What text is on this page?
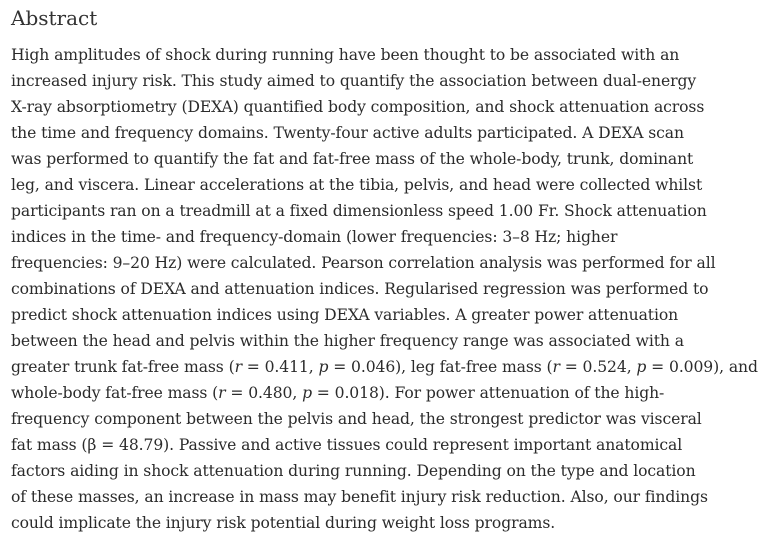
Abstract
High amplitudes of shock during running have been thought to be associated with an
increased injury risk. This study aimed to quantify the association between dual-energy
X-ray absorptiometry (DEXA) quantified body composition, and shock attenuation across
the time and frequency domains. Twenty-four active adults participated. A DEXA scan
was performed to quantify the fat and fat-free mass of the whole-body, trunk, dominant
leg, and viscera. Linear accelerations at the tibia, pelvis, and head were collected whilst
participants ran on a treadmill at a fixed dimensionless speed 1.00 Fr. Shock attenuation
indices in the time- and frequency-domain (lower frequencies: 3–8 Hz; higher
frequencies: 9–20 Hz) were calculated. Pearson correlation analysis was performed for all
combinations of DEXA and attenuation indices. Regularised regression was performed to
predict shock attenuation indices using DEXA variables. A greater power attenuation
between the head and pelvis within the higher frequency range was associated with a
greater trunk fat-free mass (r = 0.411, p = 0.046), leg fat-free mass (r = 0.524, p = 0.009), and
whole-body fat-free mass (r = 0.480, p = 0.018). For power attenuation of the high-
frequency component between the pelvis and head, the strongest predictor was visceral
fat mass (β = 48.79). Passive and active tissues could represent important anatomical
factors aiding in shock attenuation during running. Depending on the type and location
of these masses, an increase in mass may benefit injury risk reduction. Also, our findings
could implicate the injury risk potential during weight loss programs.
